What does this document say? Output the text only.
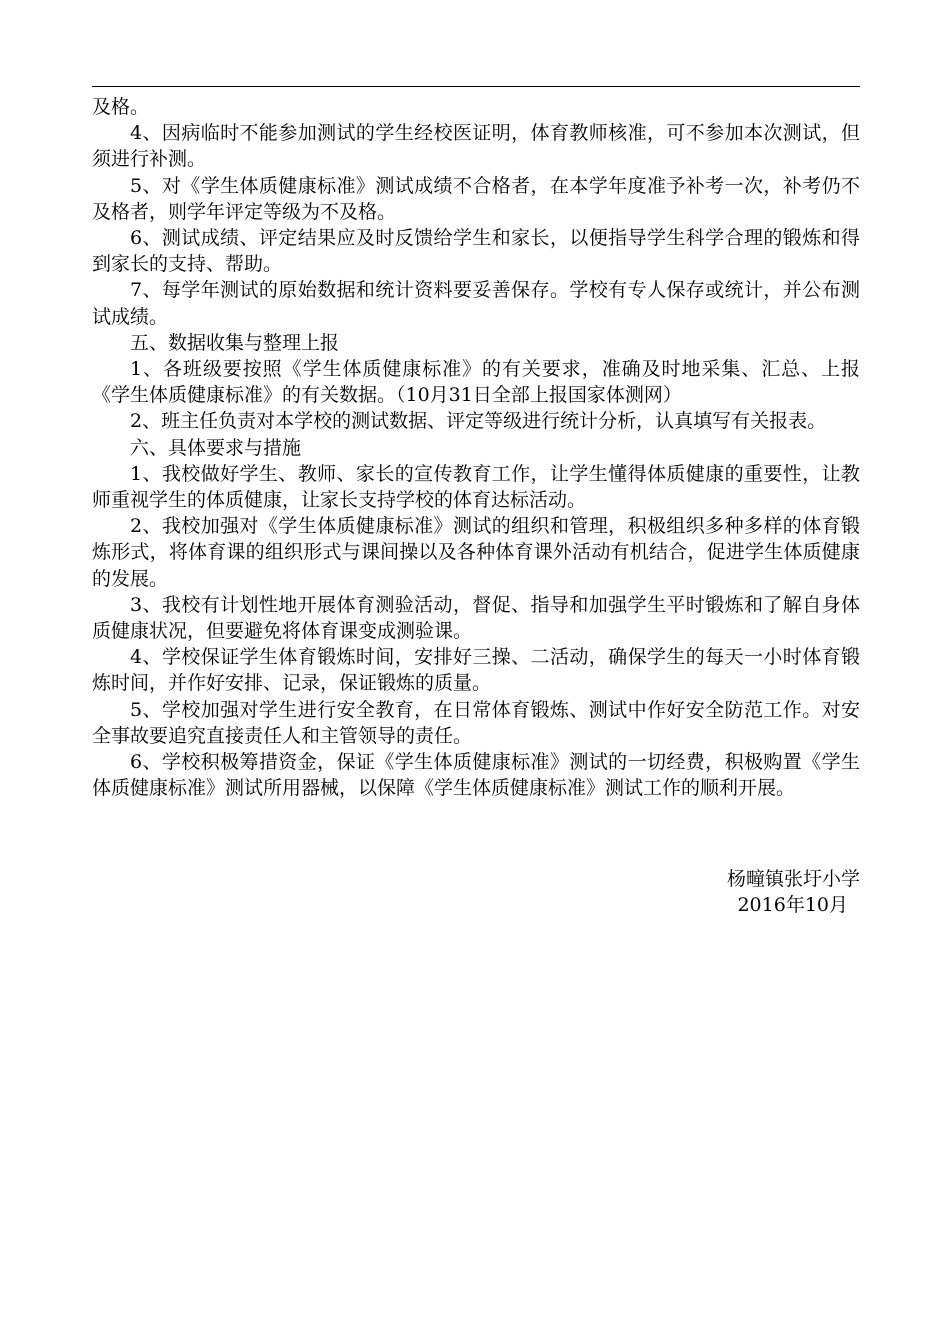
及格。

4、因病临时不能参加测试的学生经校医证明，体育教师核准，可不参加本次测试，但须进行补测。

5、对《学生体质健康标准》测试成绩不合格者，在本学年度准予补考一次，补考仍不及格者，则学年评定等级为不及格。

6、测试成绩、评定结果应及时反馈给学生和家长，以便指导学生科学合理的锻炼和得到家长的支持、帮助。

7、每学年测试的原始数据和统计资料要妥善保存。学校有专人保存或统计，并公布测试成绩。

五、数据收集与整理上报

1、各班级要按照《学生体质健康标准》的有关要求，准确及时地采集、汇总、上报《学生体质健康标准》的有关数据。（10月31日全部上报国家体测网）

2、班主任负责对本学校的测试数据、评定等级进行统计分析，认真填写有关报表。

六、具体要求与措施

1、我校做好学生、教师、家长的宣传教育工作，让学生懂得体质健康的重要性，让教师重视学生的体质健康，让家长支持学校的体育达标活动。

2、我校加强对《学生体质健康标准》测试的组织和管理，积极组织多种多样的体育锻炼形式，将体育课的组织形式与课间操以及各种体育课外活动有机结合，促进学生体质健康的发展。

3、我校有计划性地开展体育测验活动，督促、指导和加强学生平时锻炼和了解自身体质健康状况，但要避免将体育课变成测验课。

4、学校保证学生体育锻炼时间，安排好三操、二活动，确保学生的每天一小时体育锻炼时间，并作好安排、记录，保证锻炼的质量。

5、学校加强对学生进行安全教育，在日常体育锻炼、测试中作好安全防范工作。对安全事故要追究直接责任人和主管领导的责任。

6、学校积极筹措资金，保证《学生体质健康标准》测试的一切经费，积极购置《学生体质健康标准》测试所用器械，以保障《学生体质健康标准》测试工作的顺利开展。

杨疃镇张圩小学
2016年10月
